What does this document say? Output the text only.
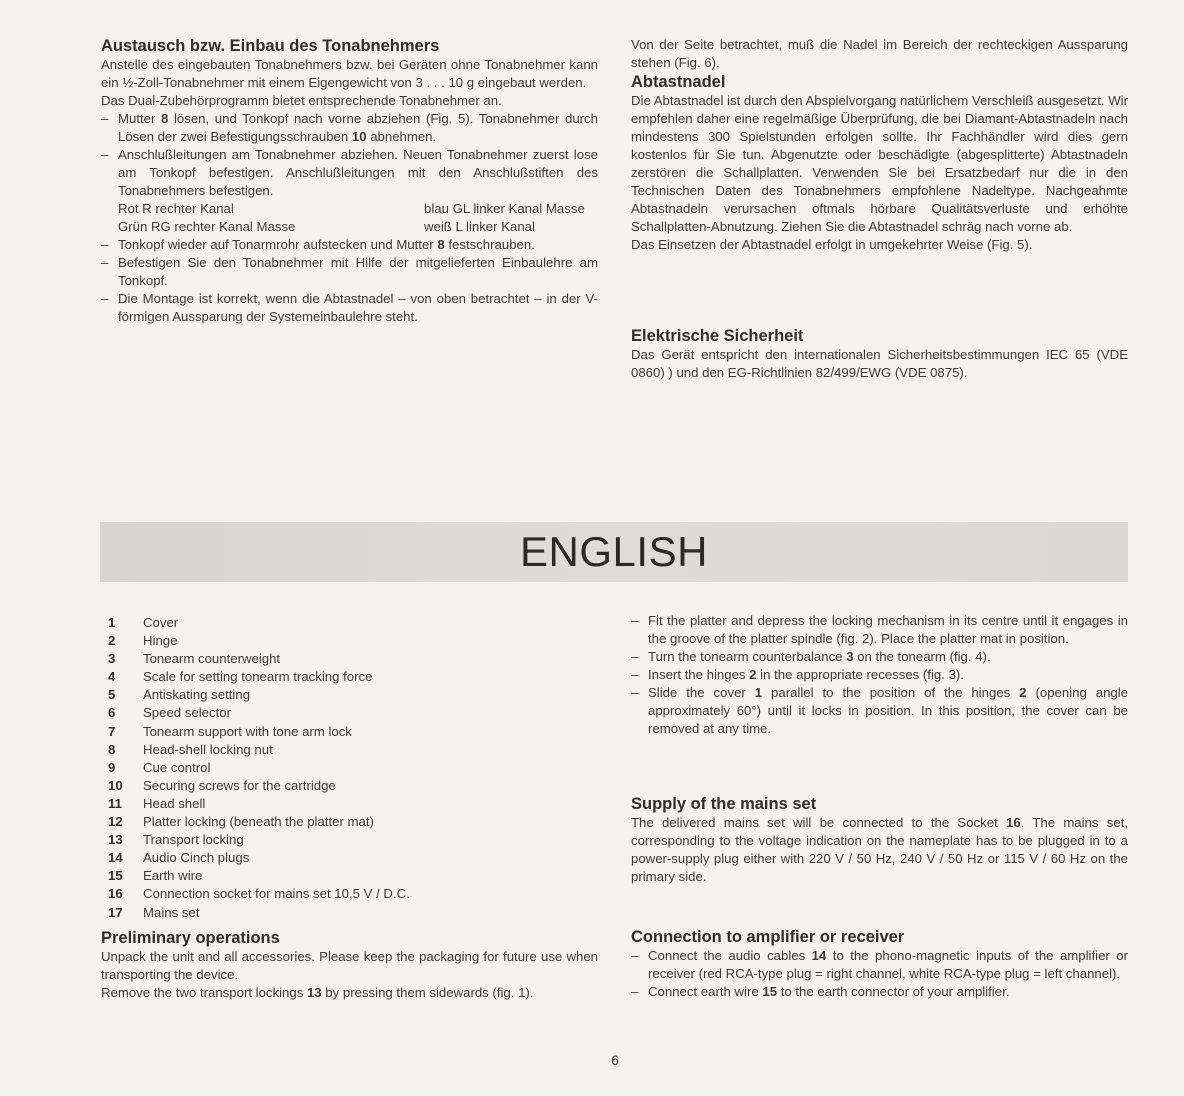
Austausch bzw. Einbau des Tonabnehmers

Anstelle des eingebauten Tonabnehmers bzw. bei Geräten ohne Tonabnehmer kann ein ½-Zoll-Tonabnehmer mit einem Eigengewicht von 3 . . . 10 g eingebaut werden.

Das Dual-Zubehörprogramm bietet entsprechende Tonabnehmer an.

– Mutter 8 lösen, und Tonkopf nach vorne abziehen (Fig. 5). Tonabnehmer durch Lösen der zwei Befestigungsschrauben 10 abnehmen.
– Anschlußleitungen am Tonabnehmer abziehen. Neuen Tonabnehmer zuerst lose am Tonkopf befestigen. Anschlußleitungen mit den Anschlußstiften des Tonabnehmers befestigen.
Rot R rechter Kanal	blau GL linker Kanal Masse
Grün RG rechter Kanal Masse	weiß L linker Kanal
– Tonkopf wieder auf Tonarmrohr aufstecken und Mutter 8 festschrauben.
– Befestigen Sie den Tonabnehmer mit Hilfe der mitgelieferten Einbaulehre am Tonkopf.
– Die Montage ist korrekt, wenn die Abtastnadel – von oben betrachtet – in der V-förmigen Aussparung der Systemeinbaulehre steht.

Von der Seite betrachtet, muß die Nadel im Bereich der rechteckigen Aussparung stehen (Fig. 6).

Abtastnadel

Die Abtastnadel ist durch den Abspielvorgang natürlichem Verschleiß ausgesetzt. Wir empfehlen daher eine regelmäßige Überprüfung, die bei Diamant-Abtastnadeln nach mindestens 300 Spielstunden erfolgen sollte. Ihr Fachhändler wird dies gern kostenlos für Sie tun. Abgenutzte oder beschädigte (abgesplitterte) Abtastnadeln zerstören die Schallplatten. Verwenden Sie bei Ersatzbedarf nur die in den Technischen Daten des Tonabnehmers empfohlene Nadeltype. Nachgeahmte Abtastnadeln verursachen oftmals hörbare Qualitätsverluste und erhöhte Schallplatten-Abnutzung. Ziehen Sie die Abtastnadel schräg nach vorne ab.

Das Einsetzen der Abtastnadel erfolgt in umgekehrter Weise (Fig. 5).

Elektrische Sicherheit

Das Gerät entspricht den internationalen Sicherheitsbestimmungen IEC 65 (VDE 0860) ) und den EG-Richtlinien 82/499/EWG (VDE 0875).

ENGLISH
1	Cover
2	Hinge
3	Tonearm counterweight
4	Scale for setting tonearm tracking force
5	Antiskating setting
6	Speed selector
7	Tonearm support with tone arm lock
8	Head-shell locking nut
9	Cue control
10	Securing screws for the cartridge
11	Head shell
12	Platter locking (beneath the platter mat)
13	Transport locking
14	Audio Cinch plugs
15	Earth wire
16	Connection socket for mains set 10,5 V / D.C.
17	Mains set
Preliminary operations

Unpack the unit and all accessories. Please keep the packaging for future use when transporting the device.

Remove the two transport lockings 13 by pressing them sidewards (fig. 1).

– Fit the platter and depress the locking mechanism in its centre until it engages in the groove of the platter spindle (fig. 2). Place the platter mat in position.
– Turn the tonearm counterbalance 3 on the tonearm (fig. 4).
– Insert the hinges 2 in the appropriate recesses (fig. 3).
– Slide the cover 1 parallel to the position of the hinges 2 (opening angle approximately 60°) until it locks in position. In this position, the cover can be removed at any time.
Supply of the mains set

The delivered mains set will be connected to the Socket 16. The mains set, corresponding to the voltage indication on the nameplate has to be plugged in to a power-supply plug either with 220 V / 50 Hz, 240 V / 50 Hz or 115 V / 60 Hz on the primary side.

Connection to amplifier or receiver
– Connect the audio cables 14 to the phono-magnetic inputs of the amplifier or receiver (red RCA-type plug = right channel, white RCA-type plug = left channel).
– Connect earth wire 15 to the earth connector of your amplifier.
6
